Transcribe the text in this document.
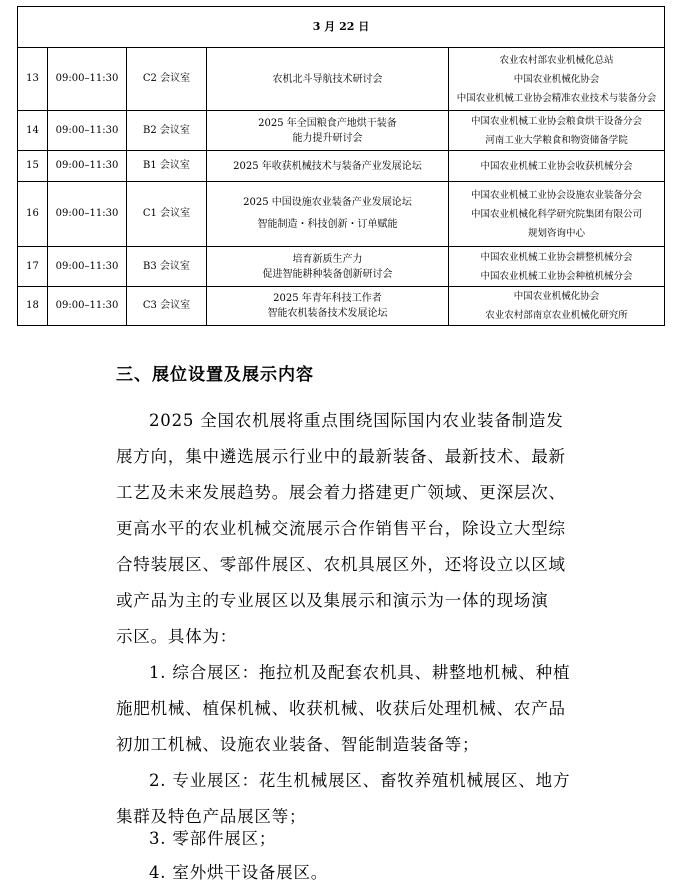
3 月 22 日				
13	09:00–11:30	C2 会议室	农机北斗导航技术研讨会	农业农村部农业机械化总站
中国农业机械化协会
中国农业机械工业协会精准农业技术与装备分会

14	09:00–11:30	B2 会议室	2025 年全国粮食产地烘干装备
能力提升研讨会	中国农业机械工业协会粮食烘干设备分会
河南工业大学粮食和物资储备学院

15	09:00–11:30	B1 会议室	2025 年收获机械技术与装备产业发展论坛	中国农业机械工业协会收获机械分会

16	09:00–11:30	C1 会议室	2025 中国设施农业装备产业发展论坛
智能制造・科技创新・订单赋能	中国农业机械工业协会设施农业装备分会
中国农业机械化科学研究院集团有限公司
规划咨询中心

17	09:00–11:30	B3 会议室	培育新质生产力
促进智能耕种装备创新研讨会	中国农业机械工业协会耕整机械分会
中国农业机械工业协会种植机械分会

18	09:00–11:30	C3 会议室	2025 年青年科技工作者
智能农机装备技术发展论坛	中国农业机械化协会
农业农村部南京农业机械化研究所
三、展位设置及展示内容

2025 全国农机展将重点围绕国际国内农业装备制造发
展方向，集中遴选展示行业中的最新装备、最新技术、最新
工艺及未来发展趋势。展会着力搭建更广领域、更深层次、
更高水平的农业机械交流展示合作销售平台，除设立大型综
合特装展区、零部件展区、农机具展区外，还将设立以区域
或产品为主的专业展区以及集展示和演示为一体的现场演
示区。具体为：

1. 综合展区：拖拉机及配套农机具、耕整地机械、种植
施肥机械、植保机械、收获机械、收获后处理机械、农产品
初加工机械、设施农业装备、智能制造装备等；

2. 专业展区：花生机械展区、畜牧养殖机械展区、地方
集群及特色产品展区等；

3. 零部件展区；

4. 室外烘干设备展区。
